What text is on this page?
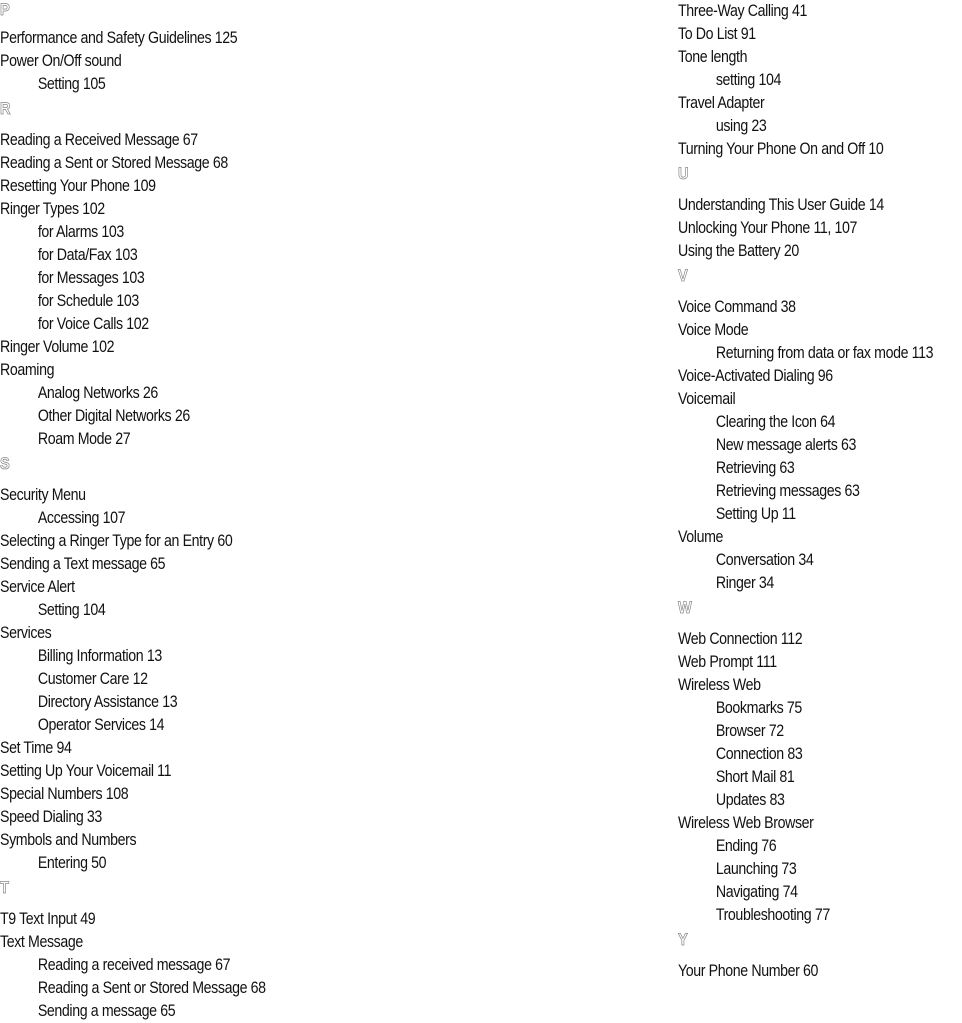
P
Performance and Safety Guidelines 125
Power On/Off sound
Setting 105
R
Reading a Received Message 67
Reading a Sent or Stored Message 68
Resetting Your Phone 109
Ringer Types 102
for Alarms 103
for Data/Fax 103
for Messages 103
for Schedule 103
for Voice Calls 102
Ringer Volume 102
Roaming
Analog Networks 26
Other Digital Networks 26
Roam Mode 27
S
Security Menu
Accessing 107
Selecting a Ringer Type for an Entry 60
Sending a Text message 65
Service Alert
Setting 104
Services
Billing Information 13
Customer Care 12
Directory Assistance 13
Operator Services 14
Set Time 94
Setting Up Your Voicemail 11
Special Numbers 108
Speed Dialing 33
Symbols and Numbers
Entering 50
T
T9 Text Input 49
Text Message
Reading a received message 67
Reading a Sent or Stored Message 68
Sending a message 65
Three-Way Calling 41
To Do List 91
Tone length
setting 104
Travel Adapter
using 23
Turning Your Phone On and Off 10
U
Understanding This User Guide 14
Unlocking Your Phone 11, 107
Using the Battery 20
V
Voice Command 38
Voice Mode
Returning from data or fax mode 113
Voice-Activated Dialing 96
Voicemail
Clearing the Icon 64
New message alerts 63
Retrieving 63
Retrieving messages 63
Setting Up 11
Volume
Conversation 34
Ringer 34
W
Web Connection 112
Web Prompt 111
Wireless Web
Bookmarks 75
Browser 72
Connection 83
Short Mail 81
Updates 83
Wireless Web Browser
Ending 76
Launching 73
Navigating 74
Troubleshooting 77
Y
Your Phone Number 60
